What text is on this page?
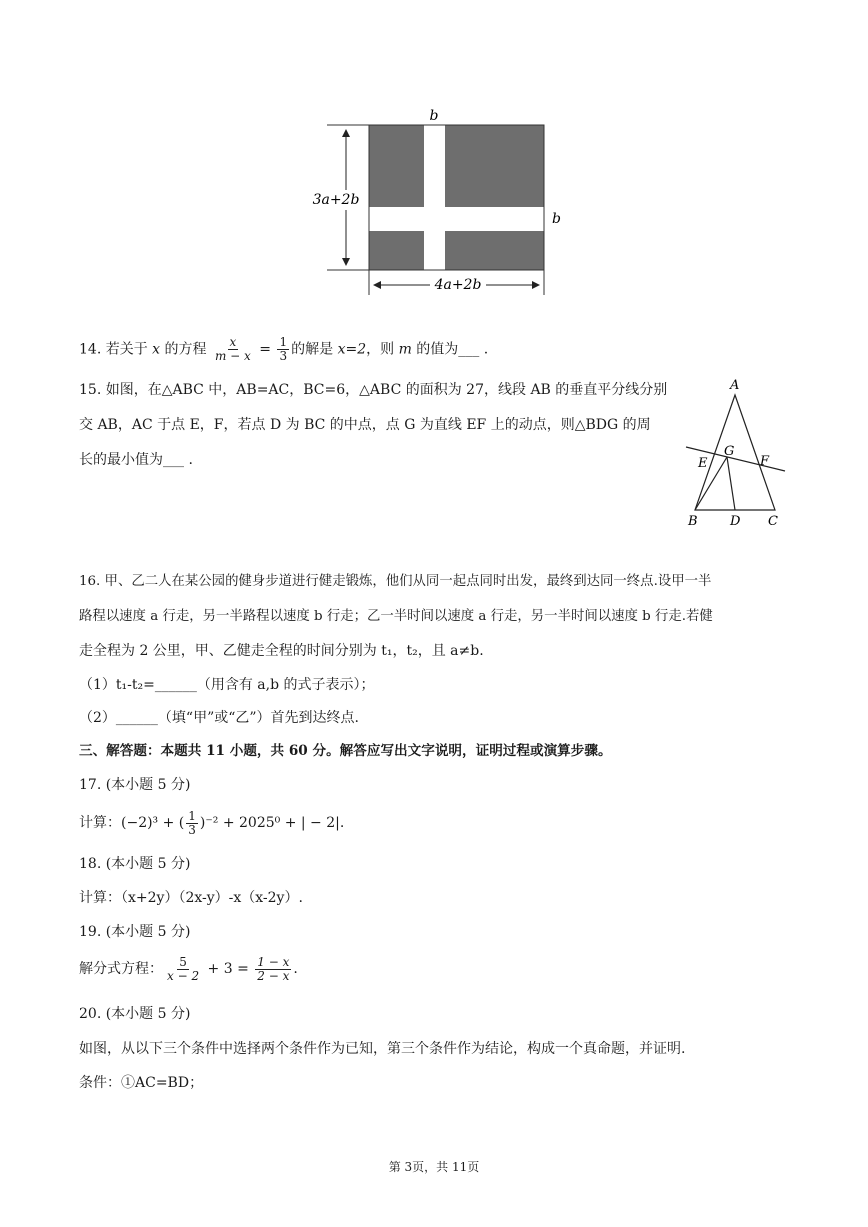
3a+2b
4a+2b
b
b
14. 若关于 x 的方程 $\frac{x}{m - x} = \frac{1}{3}$ 的解是 x=2，则 m 的值为___ .
15. 如图，在△ABC 中，AB=AC，BC=6，△ABC 的面积为 27，线段 AB 的垂直平分线分别
交 AB，AC 于点 E，F，若点 D 为 BC 的中点，点 G 为直线 EF 上的动点，则△BDG 的周
长的最小值为___ .
A
E
G
F
B D C
16. 甲、乙二人在某公园的健身步道进行健走锻炼，他们从同一起点同时出发，最终到达同一终点.设甲一半
路程以速度 a 行走，另一半路程以速度 b 行走；乙一半时间以速度 a 行走，另一半时间以速度 b 行走.若健
走全程为 2 公里，甲、乙健走全程的时间分别为 t₁，t₂，且 a≠b.
（1）t₁-t₂=______（用含有 a,b 的式子表示）；
（2）______（填“甲”或“乙”）首先到达终点.
三、解答题：本题共 11 小题，共 60 分。解答应写出文字说明，证明过程或演算步骤。
17. (本小题 5 分)
计算：(−2)³ + ( $\frac{1}{3} )^{-2} + 2025^0$ + | − 2|.
18. (本小题 5 分)
计算：（x+2y）（2x-y）-x（x-2y）.
19. (本小题 5 分)
解分式方程： $\frac{5}{x - 2} + 3 = \frac{1 - x}{2 - x}$ .
20. (本小题 5 分)
如图，从以下三个条件中选择两个条件作为已知，第三个条件作为结论，构成一个真命题，并证明.
条件：①AC=BD；
第 3页，共 11页
